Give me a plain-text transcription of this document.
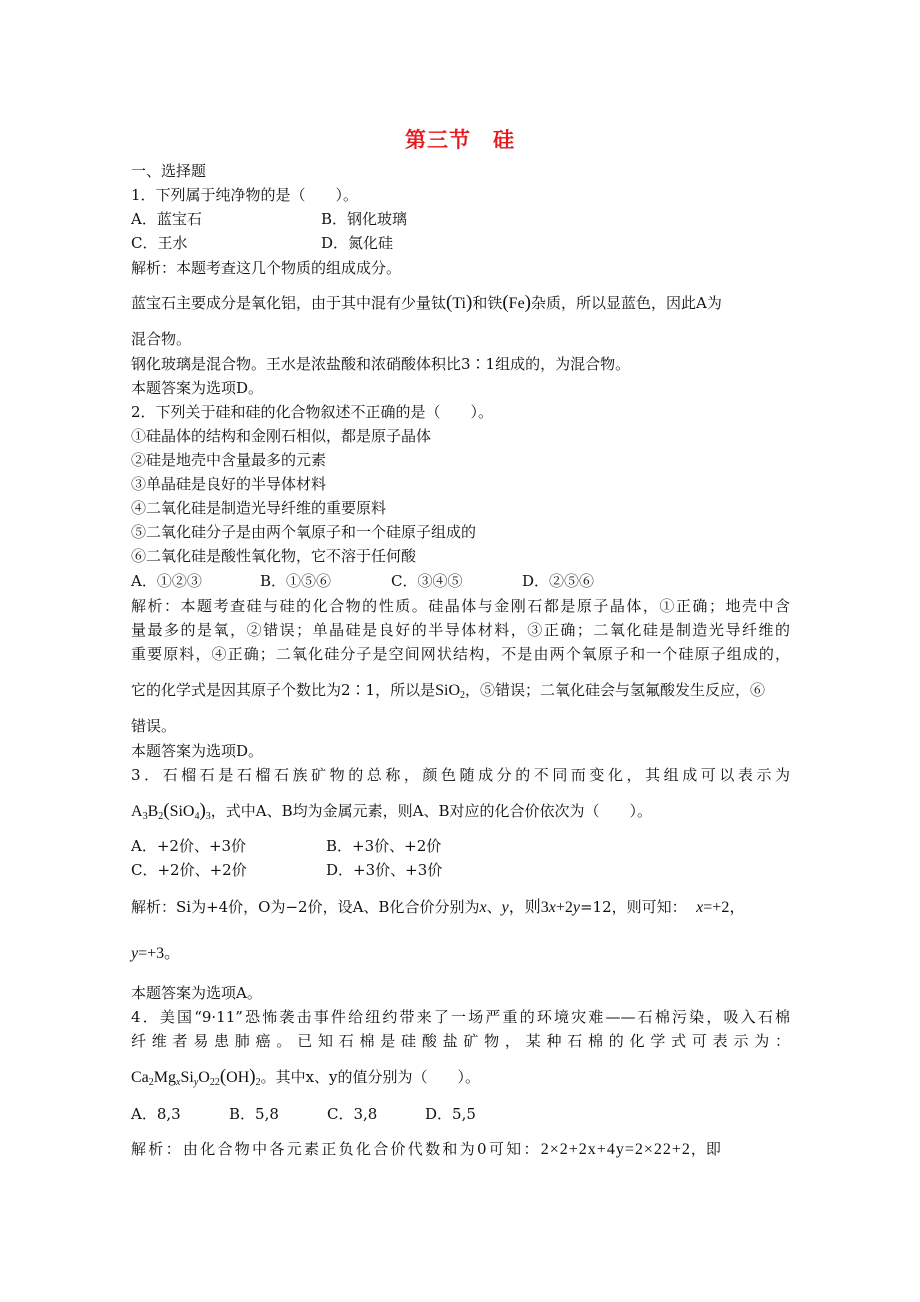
第三节　硅
一、选择题
1．下列属于纯净物的是（　　）。
A．蓝宝石	B．钢化玻璃
C．王水	D．氮化硅
解析：本题考查这几个物质的组成成分。
蓝宝石主要成分是氧化铝，由于其中混有少量钛(Ti)和铁(Fe)杂质，所以显蓝色，因此A为
混合物。
钢化玻璃是混合物。王水是浓盐酸和浓硝酸体积比3∶1组成的，为混合物。
本题答案为选项D。
2．下列关于硅和硅的化合物叙述不正确的是（　　）。
①硅晶体的结构和金刚石相似，都是原子晶体
②硅是地壳中含量最多的元素
③单晶硅是良好的半导体材料
④二氧化硅是制造光导纤维的重要原料
⑤二氧化硅分子是由两个氧原子和一个硅原子组成的
⑥二氧化硅是酸性氧化物，它不溶于任何酸
A．①②③	B．①⑤⑥	C．③④⑤	D．②⑤⑥
解析：本题考查硅与硅的化合物的性质。硅晶体与金刚石都是原子晶体，①正确；地壳中含
量最多的是氧，②错误；单晶硅是良好的半导体材料，③正确；二氧化硅是制造光导纤维的
重要原料，④正确；二氧化硅分子是空间网状结构，不是由两个氧原子和一个硅原子组成的，
它的化学式是因其原子个数比为2∶1，所以是SiO$_2$，⑤错误；二氧化硅会与氢氟酸发生反应，⑥
错误。
本题答案为选项D。
3．石榴石是石榴石族矿物的总称，颜色随成分的不同而变化，其组成可以表示为
$A_3B_2(SiO_4)_3$，式中A、B均为金属元素，则A、B对应的化合价依次为（　　）。
A．+2价、+3价	B．+3价、+2价
C．+2价、+2价	D．+3价、+3价
解析：Si为+4价，O为−2价，设A、B化合价分别为x、y，则3x+2y=12，则可知： x=+2，
y=+3。
本题答案为选项A。
4．美国“9·11”恐怖袭击事件给纽约带来了一场严重的环境灾难——石棉污染，吸入石棉
纤维者易患肺癌。已知石棉是硅酸盐矿物，某种石棉的化学式可表示为：
$Ca_2Mg_xSi_yO_{22}(OH)_2$。其中x、y的值分别为（　　）。
A．8,3	B．5,8	C．3,8	D．5,5
解析：由化合物中各元素正负化合价代数和为0可知：2×2+2x+4y=2×22+2，即
